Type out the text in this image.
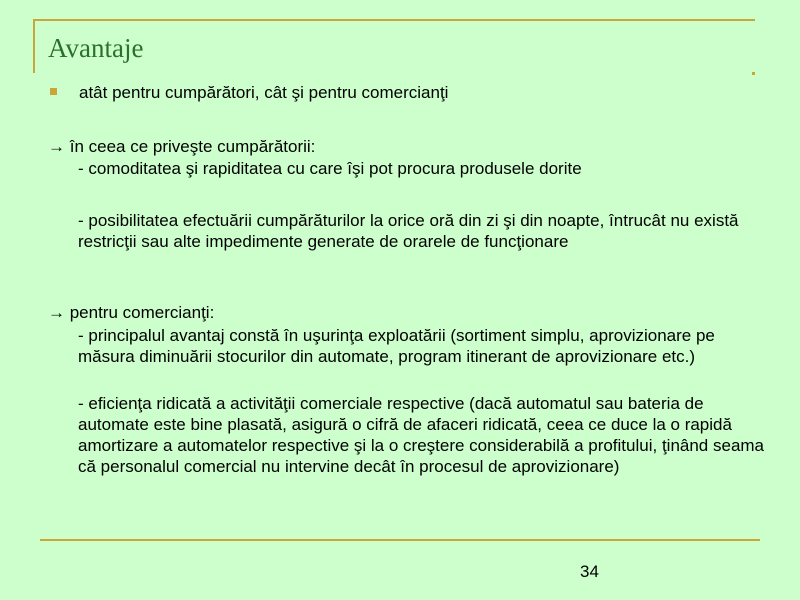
Avantaje

atât pentru cumpărători, cât şi pentru comercianţi

→ în ceea ce priveşte cumpărătorii:

- comoditatea şi rapiditatea cu care îşi pot procura produsele dorite

- posibilitatea efectuării cumpărăturilor la orice oră din zi şi din noapte, întrucât nu există restricţii sau alte impedimente generate de orarele de funcţionare

→ pentru comercianţi:

- principalul avantaj constă în uşurinţa exploatării (sortiment simplu, aprovizionare pe măsura diminuării stocurilor din automate, program itinerant de aprovizionare etc.)

- eficienţa ridicată a activităţii comerciale respective (dacă automatul sau bateria de automate este bine plasată, asigură o cifră de afaceri ridicată, ceea ce duce la o rapidă amortizare a automatelor respective şi la o creştere considerabilă a profitului, ţinând seama că personalul comercial nu intervine decât în procesul de aprovizionare)

34
